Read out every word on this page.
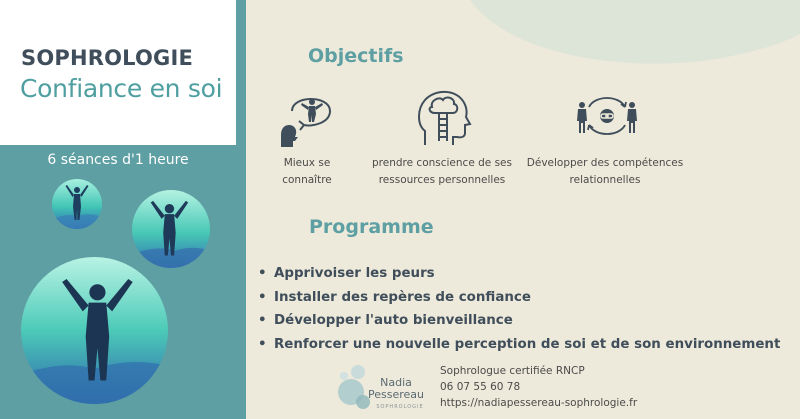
SOPHROLOGIE
Confiance en soi
6 séances d'1 heure
Objectifs
Mieux se
connaître
prendre conscience de ses
ressources personnelles
Développer des compétences
relationnelles
Programme
• Apprivoiser les peurs
• Installer des repères de confiance
• Développer l'auto bienveillance
• Renforcer une nouvelle perception de soi et de son environnement
Nadia
Pessereau
SOPHROLOGIE
Sophrologue certifiée RNCP
06 07 55 60 78
https://nadiapessereau-sophrologie.fr
